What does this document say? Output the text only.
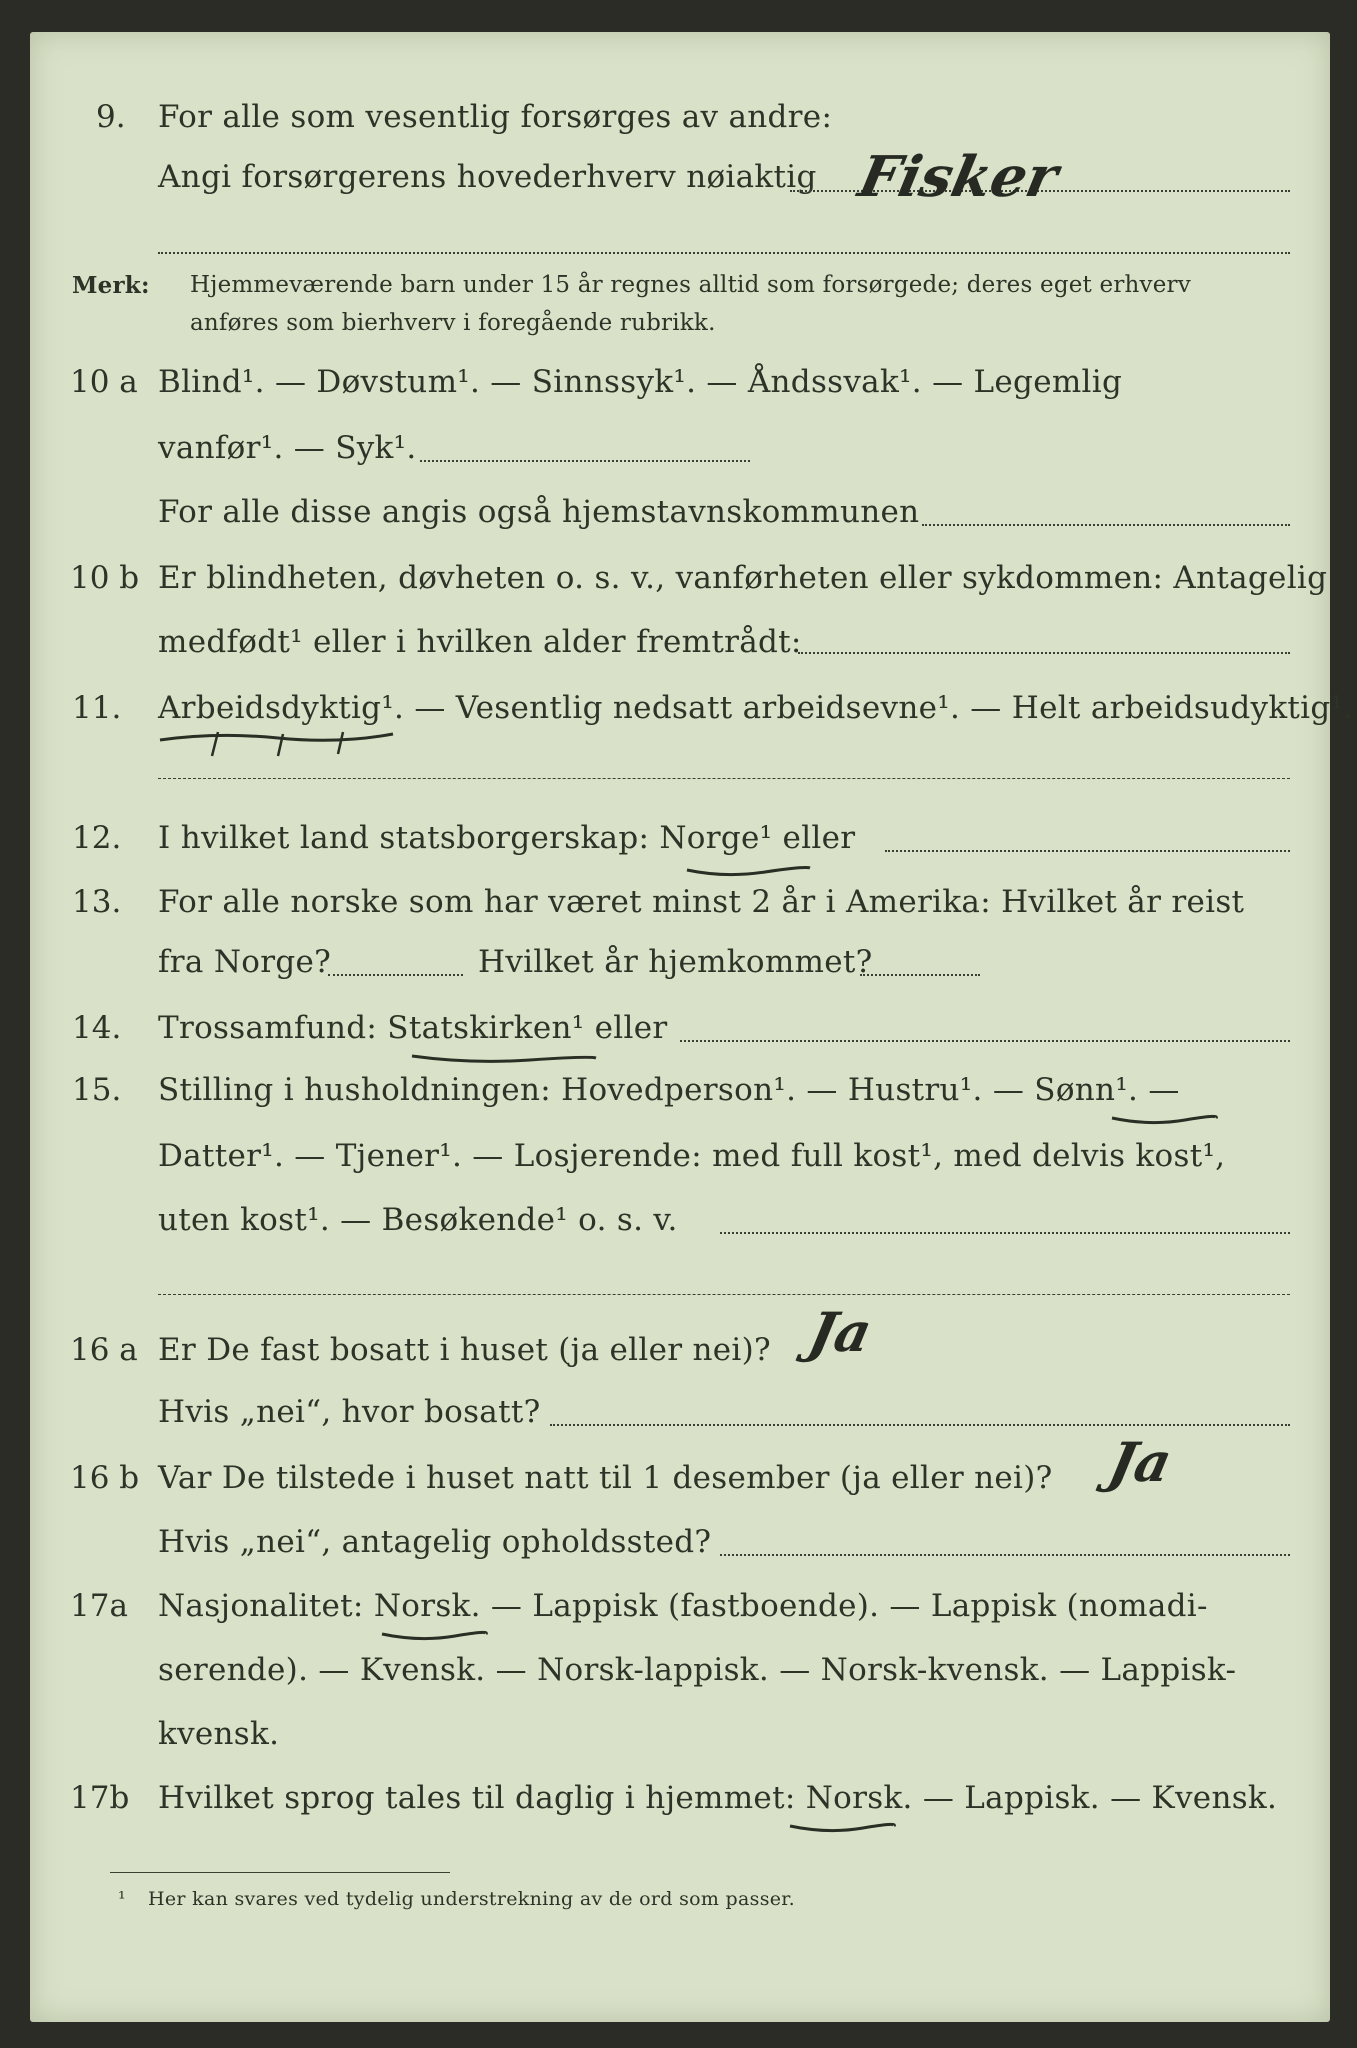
9. For alle som vesentlig forsørges av andre:
Angi forsørgerens hovederhverv nøiaktig Fisker
Merk: Hjemmeværende barn under 15 år regnes alltid som forsørgede; deres eget erhverv
anføres som bierhverv i foregående rubrikk.
10 a Blind¹. — Døvstum¹. — Sinnssyk¹. — Åndssvak¹. — Legemlig
vanfør¹. — Syk¹.
For alle disse angis også hjemstavnskommunen
10 b Er blindheten, døvheten o. s. v., vanførheten eller sykdommen: Antagelig
medfødt¹ eller i hvilken alder fremtrådt:
11. Arbeidsdyktig¹. — Vesentlig nedsatt arbeidsevne¹. — Helt arbeidsudyktig¹.
12. I hvilket land statsborgerskap: Norge¹ eller
13. For alle norske som har været minst 2 år i Amerika: Hvilket år reist
fra Norge?	Hvilket år hjemkommet?
14. Trossamfund: Statskirken¹ eller
15. Stilling i husholdningen: Hovedperson¹. — Hustru¹. — Sønn¹. —
Datter¹. — Tjener¹. — Losjerende: med full kost¹, med delvis kost¹,
uten kost¹. — Besøkende¹ o. s. v.
16 a Er De fast bosatt i huset (ja eller nei)? Ja
Hvis „nei“, hvor bosatt?
16 b Var De tilstede i huset natt til 1 desember (ja eller nei)? Ja
Hvis „nei“, antagelig opholdssted?
17a Nasjonalitet: Norsk. — Lappisk (fastboende). — Lappisk (nomadi-
serende). — Kvensk. — Norsk-lappisk. — Norsk-kvensk. — Lappisk-
kvensk.
17b Hvilket sprog tales til daglig i hjemmet: Norsk. — Lappisk. — Kvensk.
¹ Her kan svares ved tydelig understrekning av de ord som passer.
